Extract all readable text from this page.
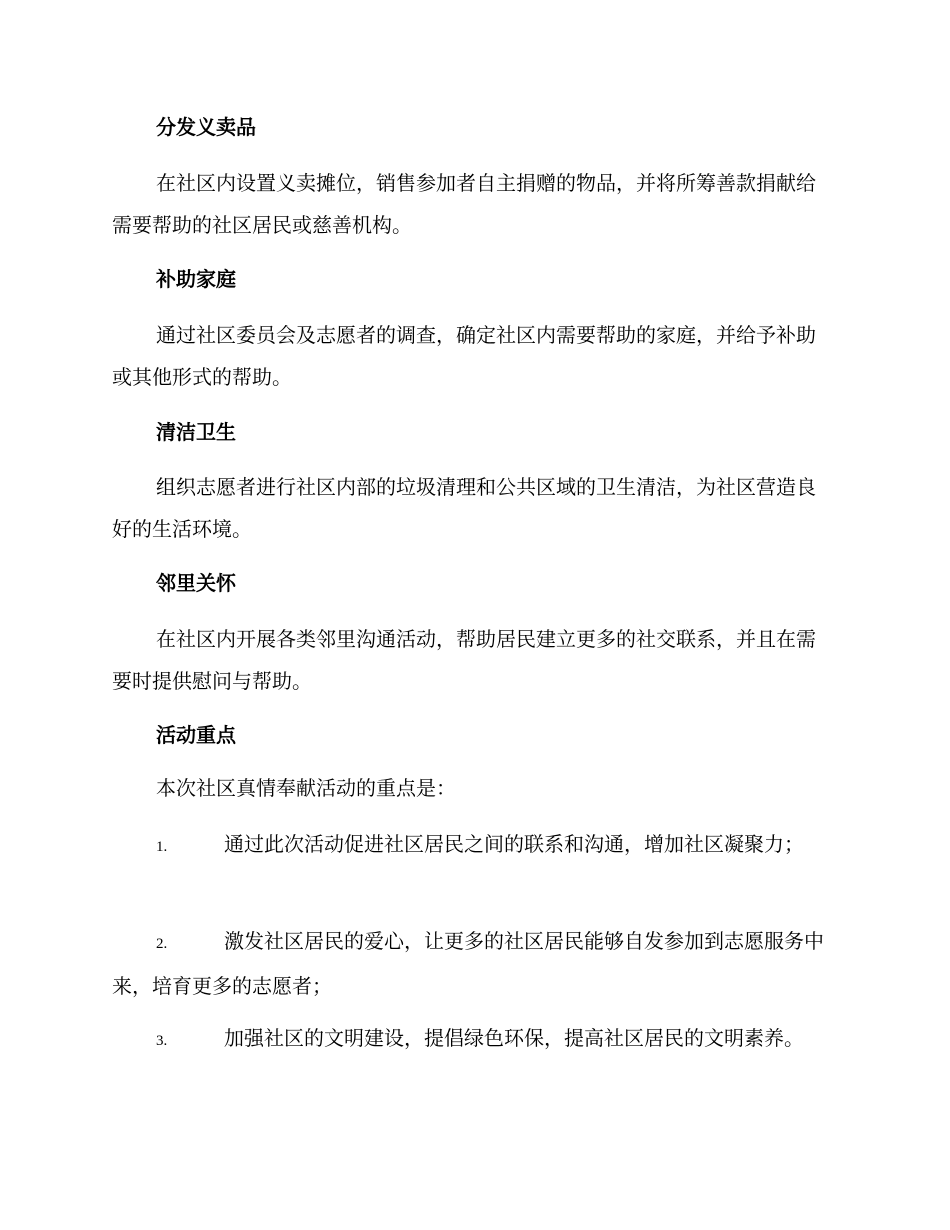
分发义卖品
在社区内设置义卖摊位，销售参加者自主捐赠的物品，并将所筹善款捐献给需要帮助的社区居民或慈善机构。
补助家庭
通过社区委员会及志愿者的调查，确定社区内需要帮助的家庭，并给予补助或其他形式的帮助。
清洁卫生
组织志愿者进行社区内部的垃圾清理和公共区域的卫生清洁，为社区营造良好的生活环境。
邻里关怀
在社区内开展各类邻里沟通活动，帮助居民建立更多的社交联系，并且在需要时提供慰问与帮助。
活动重点
本次社区真情奉献活动的重点是：
1.	通过此次活动促进社区居民之间的联系和沟通，增加社区凝聚力；
2.	激发社区居民的爱心，让更多的社区居民能够自发参加到志愿服务中来，培育更多的志愿者；
3.	加强社区的文明建设，提倡绿色环保，提高社区居民的文明素养。
